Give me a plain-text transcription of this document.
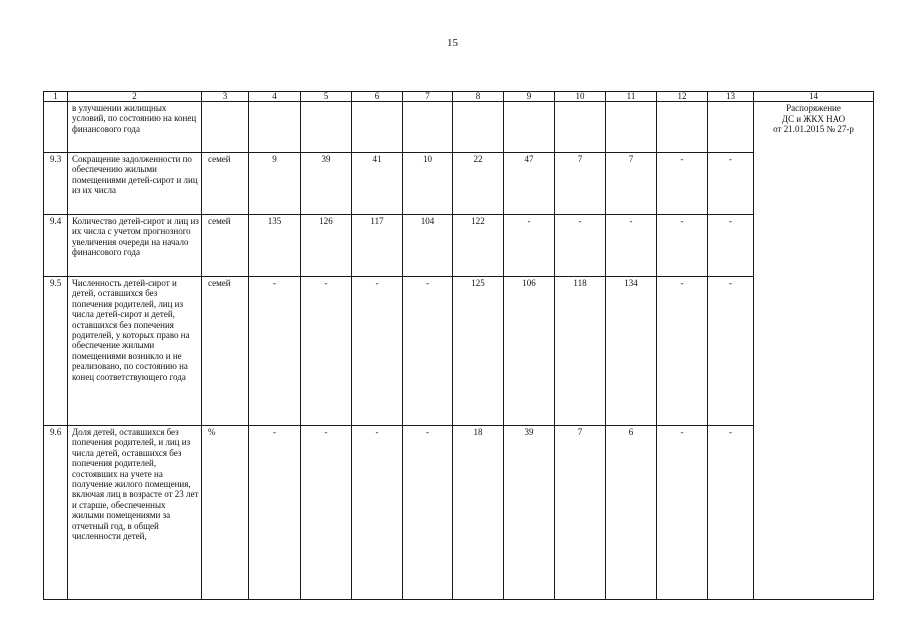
15
1	2	3	4	5	6	7	8	9	10	11	12	13	14
	в улучшении жилищных условий, по состоянию на конец финансового года												Распоряжение
ДС и ЖКХ НАО
от 21.01.2015 № 27-р

9.3	Сокращение задолженности по обеспечению жилыми помещениями детей-сирот и лиц из их числа	семей	9	39	41	10	22	47	7	7	-	-	
9.4	Количество детей-сирот и лиц из их числа с учетом прогнозного увеличения очереди на начало финансового года	семей	135	126	117	104	122	-	-	-	-	-	
9.5	Численность детей-сирот и детей, оставшихся без попечения родителей, лиц из числа детей-сирот и детей, оставшихся без попечения родителей, у которых право на обеспечение жилыми помещениями возникло и не реализовано, по состоянию на конец соответствующего года	семей	-	-	-	-	125	106	118	134	-	-	
9.6	Доля детей, оставшихся без попечения родителей, и лиц из числа детей, оставшихся без попечения родителей, состоявших на учете на получение жилого помещения, включая лиц в возрасте от 23 лет и старше, обеспеченных жилыми помещениями за отчетный год, в общей численности детей,	%	-	-	-	-	18	39	7	6	-	-	
